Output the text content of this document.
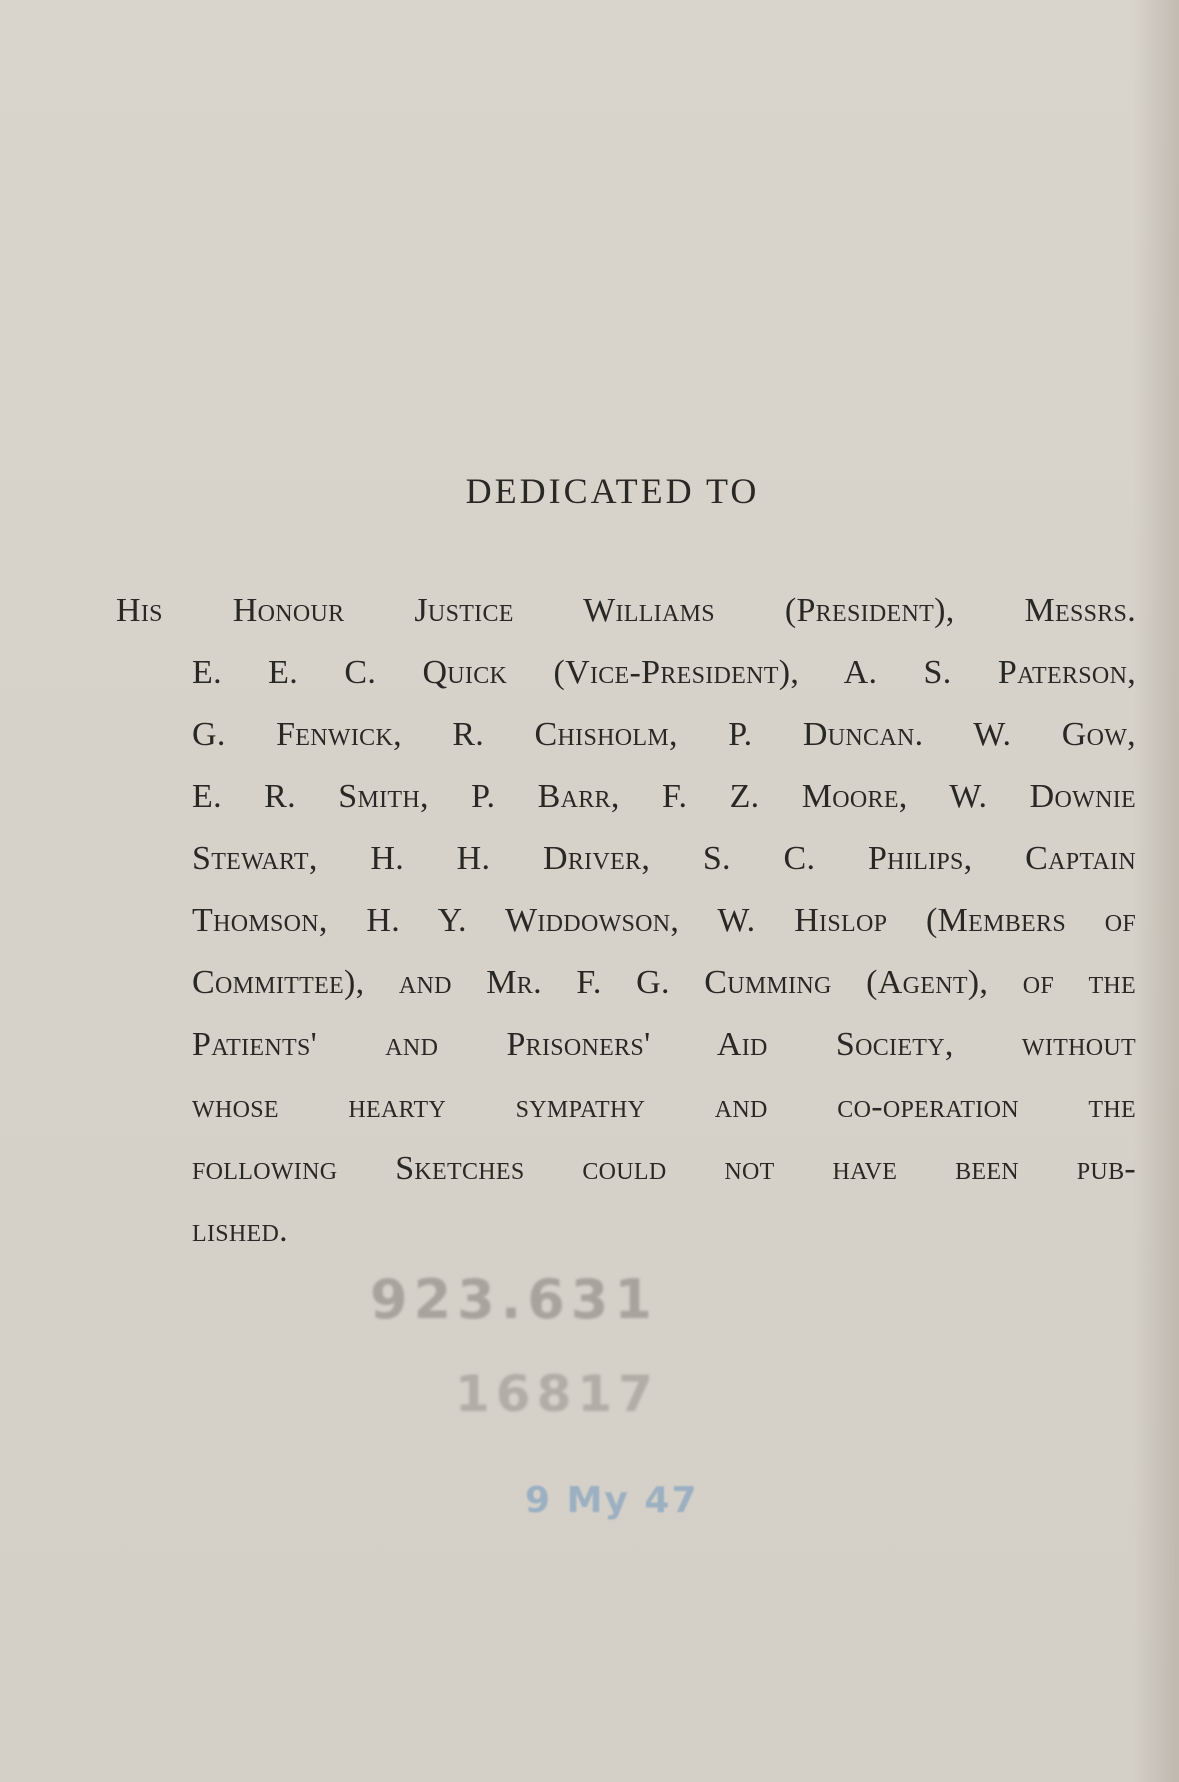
DEDICATED TO
His Honour Justice Williams (President), Messrs.
E. E. C. Quick (Vice-President), A. S. Paterson,
G. Fenwick, R. Chisholm, P. Duncan. W. Gow,
E. R. Smith, P. Barr, F. Z. Moore, W. Downie
Stewart, H. H. Driver, S. C. Philips, Captain
Thomson, H. Y. Widdowson, W. Hislop (Members of
Committee), and Mr. F. G. Cumming (Agent), of the
Patients' and Prisoners' Aid Society, without
whose hearty sympathy and co-operation the
following Sketches could not have been pub-
lished.
923.631
16817
9 My 47
